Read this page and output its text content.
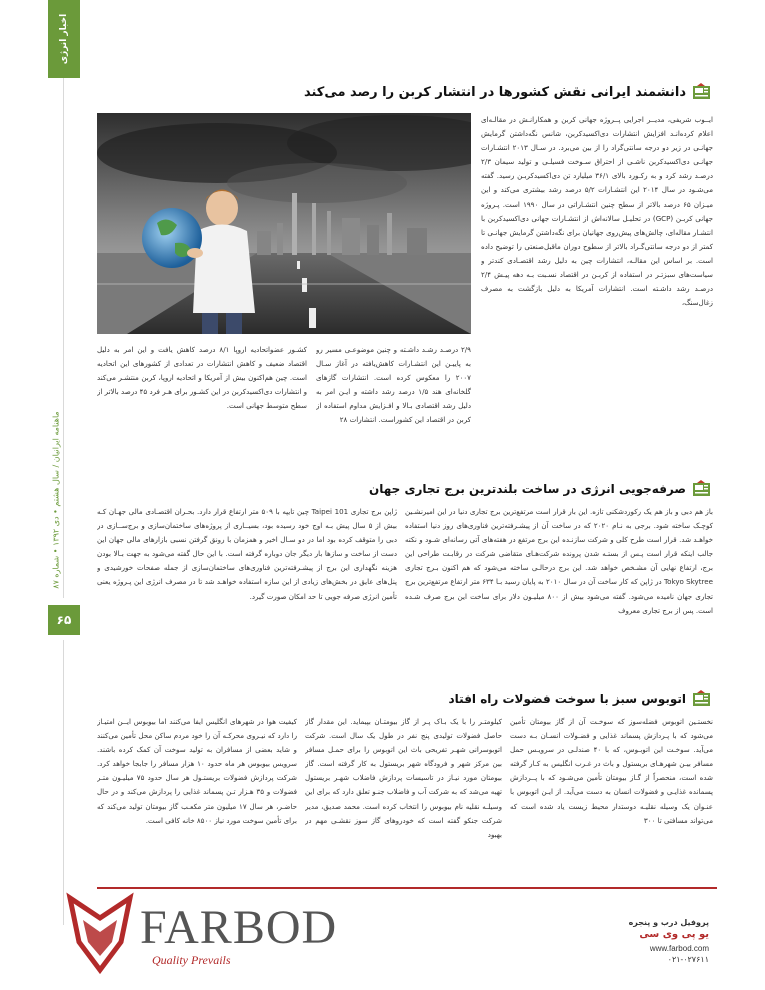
اخبار انرژی
ماهنامه ایرانیان / سال هشتم • دی ۱۳۹۲ • شماره ۸۷
۶۵
دانشمند ایرانی نقش کشورها در انتشار کربن را رصد می‌کند
ایــوب شریفی، مدیــر اجرایی پــروژه جهانی کربن و همکارانـش در مقالـه‌ای اعلام کرده‌انـد افزایش انتشارات دی‌اکسیدکربن، شانس نگه‌داشتن گرمایش جهانـی در زیر دو درجه سانتی‌گراد را از بین می‌برد. در سـال ۲۰۱۳ انتشـارات جهانـی دی‌اکسیدکربن ناشـی از احتراق سـوخت فسیلـی و تولید سیمان ۲/۳ درصـد رشد کرد و به رکـورد بالای ۳۶/۱ میلیارد تن دی‌اکسیدکربـن رسید. گفته می‌شـود در سال ۲۰۱۴ این انتشـارات ۵/۲ درصد رشد بیشتری می‌کند و این میـزان ۶۵ درصد بالاتر از سطح چنین انتشـاراتی در سال ۱۹۹۰ است. پـروژه جهانی کربـن (GCP) در تحلیـل سالانه‌اش از انتشـارات جهانی دی‌اکسیدکربن با انتشـار مقاله‌ای، چالش‌های پیش‌روی جهانیان برای نگه‌داشتن گرمایش جهانـی تا کمتر از دو درجه سانتی‌گـراد بالاتر از سطوح دوران ماقبل‌صنعتی را توضیح داده است. بر اساس این مقالـه، انتشارات چین به دلیل رشد اقتصـادی کندتر و سیاست‌های سبزتـر در استفاده از کربـن در اقتصاد نسـبت بـه دهه پیـش ۲/۴ درصـد رشد داشـته است. انتشارات آمریکا به دلیل بازگشت به مصرف زغال‌سنگ،
۲/۹ درصـد رشـد داشـته و چنین موضوعـی مسیر رو به پاییـن این انتشـارات کاهش‌یافته در آغاز سـال ۲۰۰۷ را معکوس کرده است. انتشارات گازهای گلخانه‌ای هند ۱/۵ درصد رشد داشته و ایـن امر به دلیل رشد اقتصادی بـالا و افـزایش مداوم استفاده از کربن در اقتصاد این کشوراست. انتشارات ۲۸
کشـور عضواتحادیه اروپا ۸/۱ درصد کاهش یافت و این امر به دلیل اقتصاد ضعیف و کاهش انتشارات در تعدادی از کشورهای این اتحادیه است. چین هم‌اکنون بیش از آمریکا و اتحادیه اروپا، کربن منتشـر می‌کند و انتشارات دی‌اکسیدکربن در این کشـور برای هـر فرد ۴۵ درصد بالاتر از سطح متوسط جهانی است.
صرفه‌جویی انرژی در ساخت بلندترین برج تجاری جهان
باز هم دبی و باز هم یک رکوردشکنی تازه. این بار قرار است مرتفع‌ترین برج تجاری دنیا در این امیرنشـین کوچـک ساخته شود. برجی به نـام ۲۰۲۰ که در ساخت آن از پیشـرفته‌ترین فناوری‌های روز دنیا استفاده خواهـد شد. قرار است طرح کلی و شرکت سازنـده این برج مرتفع در هفته‌های آتی رسانه‌ای شـود و نکته جالب اینکه قرار است پـس از بستـه شدن پرونده شرکت‌هـای متقاضی شرکت در رقابـت طراحی این برج، ارتفاع نهایی آن مشـخص خواهد شد. این برج درحالـی ساخته می‌شود که هم اکنون بـرج تجاری Tokyo Skytree در ژاپن که کار ساخت آن در سال ۲۰۱۰ به پایان رسید بـا ۶۳۴ متر ارتفاع مرتفع‌ترین برج تجاری جهان نامیده می‌شود. گفته می‌شود بیش از ۸۰۰ میلیـون دلار برای ساخت این برج صرف شـده است. پس از برج تجاری معروف
ژاپن برج تجاری Taipei 101 چین تایپه با ۵۰۹ متر ارتفاع قرار دارد. بحـران اقتصـادی مالی جهـان کـه بیش از ۵ سال پیش بـه اوج خود رسیده بود، بسیــاری از پروژه‌های ساختمان‌سازی و برج‌ســازی در دبی را متوقف کرده بود اما در دو سـال اخیر و همزمان با رونق گرفتن نسبی بازارهای مالی جهان این دست از ساخت و سازها بار دیگر جان دوباره گرفته است. با این حال گفته می‌شود به جهت بـالا بودن هزینه نگهداری این برج از پیشـرفته‌ترین فناوری‌های ساختمان‌سازی از جمله صفحات خورشیدی و پنل‌های عایق در بخش‌های زیادی از این سازه استفاده خواهـد شد تا در مصرف انرژی این پـروژه یعنی تأمین انرژی صرفه جویی تا حد امکان صورت گیرد.
اتوبوس سبز با سوخت فضولات راه افتاد
نخستـین اتوبوس فضله‌سوز که سوخـت آن از گاز بیومتان تأمین می‌شود که با پـردازش پسماند غذایی و فضـولات انسـان بـه دست می‌آید. سوخـت این اتوبـوس، که با ۴۰ صندلـی در سرویـس حمل مسافر بیـن شهرهـای بریستول و باث در غـرب انگلیس به کـار گرفته شده است، منحصراً از گـاز بیومتان تأمین می‌شـود که با پــردازش پسمانده غذایـی و فضولات انسان به دست می‌آید. از ایـن اتوبوس با عنـوان یک وسیله نقلیـه دوستدار محیط زیست یاد شده است که می‌تواند مسافتی تا ۳۰۰
کیلومتـر را با یک بـاک پـر از گاز بیومتـان بپیماید. این مقدار گاز حاصل فضولات تولیدی پنج نفر در طول یک سال است. شرکت اتوبوسرانی شهـر تفریحی باث این اتوبوس را برای حمـل مسافر بین مرکز شهر و فرودگاه شهر بریستول به کار گرفته است. گاز بیومتان مورد نیـاز در تاسیسات پردازش فاضلاب شهـر بریستول تهیه می‌شد که به شرکت آب و فاضلاب جنـو تعلق دارد که برای این وسیلـه نقلیه نام بیوبوس را انتخاب کرده است. محمد صدیق، مدیر شرکت جنکو گفته است که خودروهای گاز سوز نقشـی مهم در بهبود
کیفیت هوا در شهرهای انگلیس ایفا می‌کنند اما بیوبوس ایــن امتیـاز را دارد که نیـروی محرکـه آن را خود مردم ساکن محل تأمین می‌کنند و شاید بعضی از مسافران به تولید سوخت آن کمک کرده باشند. سرویس بیوبوس هر ماه حدود ۱۰ هزار مسافر را جابجا خواهد کرد. شرکت پردازش فضولات بریستـول هر سال حدود ۷۵ میلیـون متـر فضولات و ۳۵ هـزار تـن پسماند غذایی را پردازش می‌کند و در حال حاضـر، هر سال ۱۷ میلیون متر مکعـب گاز بیومتان تولید می‌کند که برای تأمین سوخت مورد نیاز ۸۵۰۰ خانه کافی است.
FARBOD
Quality Prevails
پروفیل درب و پنجره
یو پی وی سی
www.farbod.com
۰۲۱-۰۲۷۶۱۱
